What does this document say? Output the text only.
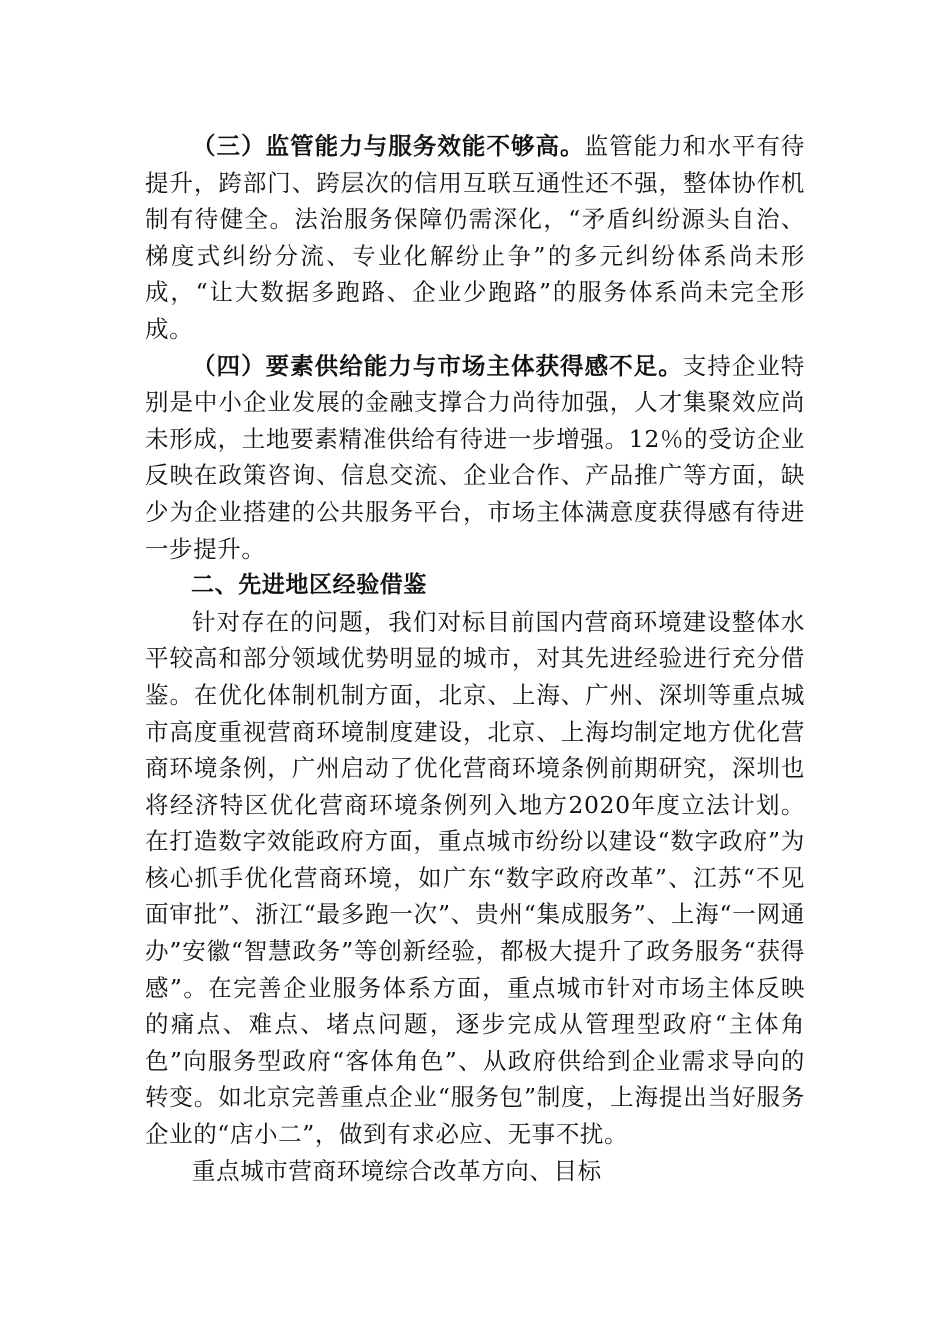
（三）监管能力与服务效能不够高。监管能力和水平有待提升，跨部门、跨层次的信用互联互通性还不强，整体协作机制有待健全。法治服务保障仍需深化，“矛盾纠纷源头自治、梯度式纠纷分流、专业化解纷止争”的多元纠纷体系尚未形成，“让大数据多跑路、企业少跑路”的服务体系尚未完全形成。

（四）要素供给能力与市场主体获得感不足。支持企业特别是中小企业发展的金融支撑合力尚待加强，人才集聚效应尚未形成，土地要素精准供给有待进一步增强。12％的受访企业反映在政策咨询、信息交流、企业合作、产品推广等方面，缺少为企业搭建的公共服务平台，市场主体满意度获得感有待进一步提升。

二、先进地区经验借鉴

针对存在的问题，我们对标目前国内营商环境建设整体水平较高和部分领域优势明显的城市，对其先进经验进行充分借鉴。在优化体制机制方面，北京、上海、广州、深圳等重点城市高度重视营商环境制度建设，北京、上海均制定地方优化营商环境条例，广州启动了优化营商环境条例前期研究，深圳也将经济特区优化营商环境条例列入地方2020年度立法计划。在打造数字效能政府方面，重点城市纷纷以建设“数字政府”为核心抓手优化营商环境，如广东“数字政府改革”、江苏“不见面审批”、浙江“最多跑一次”、贵州“集成服务”、上海“一网通办”安徽“智慧政务”等创新经验，都极大提升了政务服务“获得感”。在完善企业服务体系方面，重点城市针对市场主体反映的痛点、难点、堵点问题，逐步完成从管理型政府“主体角色”向服务型政府“客体角色”、从政府供给到企业需求导向的转变。如北京完善重点企业“服务包”制度，上海提出当好服务企业的“店小二”，做到有求必应、无事不扰。

重点城市营商环境综合改革方向、目标
